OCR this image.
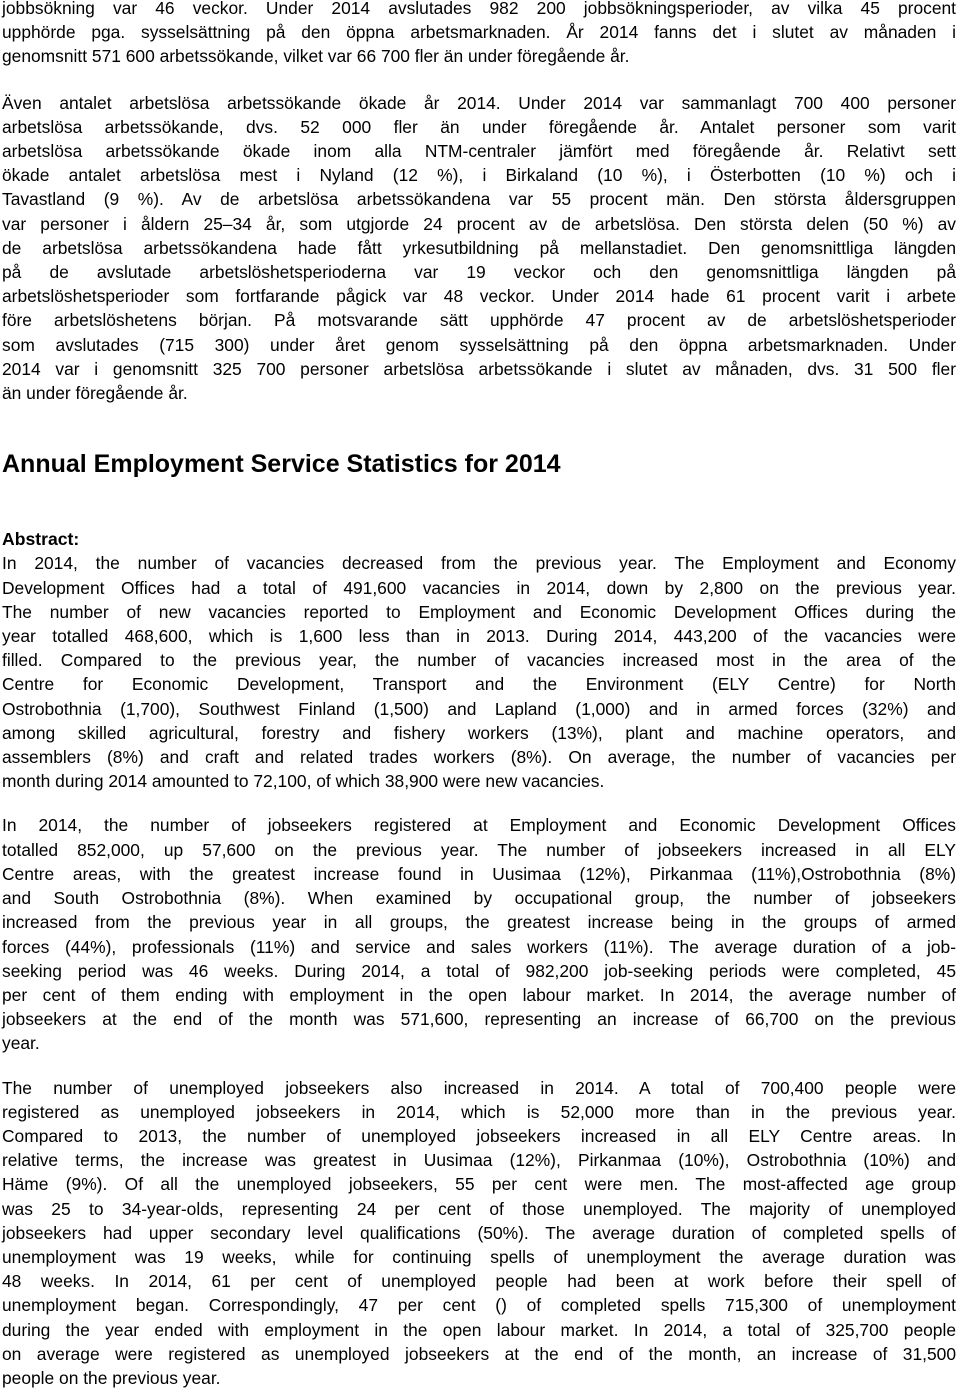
jobbsökning var 46 veckor. Under 2014 avslutades 982 200 jobbsökningsperioder, av vilka 45 procent
upphörde pga. sysselsättning på den öppna arbetsmarknaden. År 2014 fanns det i slutet av månaden i
genomsnitt 571 600 arbetssökande, vilket var 66 700 fler än under föregående år.
Även antalet arbetslösa arbetssökande ökade år 2014. Under 2014 var sammanlagt 700 400 personer
arbetslösa arbetssökande, dvs. 52 000 fler än under föregående år. Antalet personer som varit
arbetslösa arbetssökande ökade inom alla NTM-centraler jämfört med föregående år. Relativt sett
ökade antalet arbetslösa mest i Nyland (12 %), i Birkaland (10 %), i Österbotten (10 %) och i
Tavastland (9 %). Av de arbetslösa arbetssökandena var 55 procent män. Den största åldersgruppen
var personer i åldern 25–34 år, som utgjorde 24 procent av de arbetslösa. Den största delen (50 %) av
de arbetslösa arbetssökandena hade fått yrkesutbildning på mellanstadiet. Den genomsnittliga längden
på de avslutade arbetslöshetsperioderna var 19 veckor och den genomsnittliga längden på
arbetslöshetsperioder som fortfarande pågick var 48 veckor. Under 2014 hade 61 procent varit i arbete
före arbetslöshetens början. På motsvarande sätt upphörde 47 procent av de arbetslöshetsperioder
som avslutades (715 300) under året genom sysselsättning på den öppna arbetsmarknaden. Under
2014 var i genomsnitt 325 700 personer arbetslösa arbetssökande i slutet av månaden, dvs. 31 500 fler
än under föregående år.
Annual Employment Service Statistics for 2014
Abstract:
In 2014, the number of vacancies decreased from the previous year. The Employment and Economy
Development Offices had a total of 491,600 vacancies in 2014, down by 2,800 on the previous year.
The number of new vacancies reported to Employment and Economic Development Offices during the
year totalled 468,600, which is 1,600 less than in 2013. During 2014, 443,200 of the vacancies were
filled. Compared to the previous year, the number of vacancies increased most in the area of the
Centre for Economic Development, Transport and the Environment (ELY Centre) for North
Ostrobothnia (1,700), Southwest Finland (1,500) and Lapland (1,000) and in armed forces (32%) and
among skilled agricultural, forestry and fishery workers (13%), plant and machine operators, and
assemblers (8%) and craft and related trades workers (8%). On average, the number of vacancies per
month during 2014 amounted to 72,100, of which 38,900 were new vacancies.
In 2014, the number of jobseekers registered at Employment and Economic Development Offices
totalled 852,000, up 57,600 on the previous year. The number of jobseekers increased in all ELY
Centre areas, with the greatest increase found in Uusimaa (12%), Pirkanmaa (11%),Ostrobothnia (8%)
and South Ostrobothnia (8%). When examined by occupational group, the number of jobseekers
increased from the previous year in all groups, the greatest increase being in the groups of armed
forces (44%), professionals (11%) and service and sales workers (11%). The average duration of a job-
seeking period was 46 weeks. During 2014, a total of 982,200 job-seeking periods were completed, 45
per cent of them ending with employment in the open labour market. In 2014, the average number of
jobseekers at the end of the month was 571,600, representing an increase of 66,700 on the previous
year.
The number of unemployed jobseekers also increased in 2014. A total of 700,400 people were
registered as unemployed jobseekers in 2014, which is 52,000 more than in the previous year.
Compared to 2013, the number of unemployed jobseekers increased in all ELY Centre areas. In
relative terms, the increase was greatest in Uusimaa (12%), Pirkanmaa (10%), Ostrobothnia (10%) and
Häme (9%). Of all the unemployed jobseekers, 55 per cent were men. The most-affected age group
was 25 to 34-year-olds, representing 24 per cent of those unemployed. The majority of unemployed
jobseekers had upper secondary level qualifications (50%). The average duration of completed spells of
unemployment was 19 weeks, while for continuing spells of unemployment the average duration was
48 weeks. In 2014, 61 per cent of unemployed people had been at work before their spell of
unemployment began. Correspondingly, 47 per cent () of completed spells 715,300 of unemployment
during the year ended with employment in the open labour market. In 2014, a total of 325,700 people
on average were registered as unemployed jobseekers at the end of the month, an increase of 31,500
people on the previous year.
